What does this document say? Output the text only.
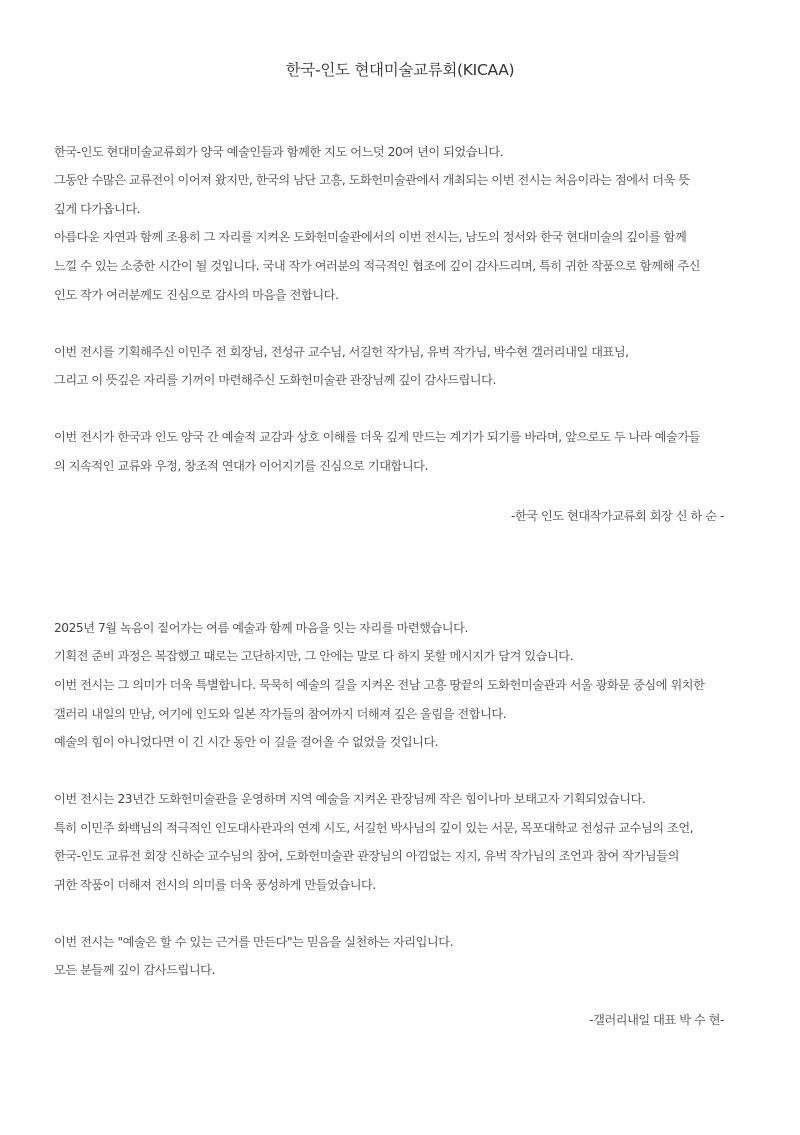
한국-인도 현대미술교류회(KICAA)
한국-인도 현대미술교류회가 양국 예술인들과 함께한 지도 어느덧 20여 년이 되었습니다.
그동안 수많은 교류전이 이어져 왔지만, 한국의 남단 고흥, 도화헌미술관에서 개최되는 이번 전시는 처음이라는 점에서 더욱 뜻
깊게 다가옵니다.
아름다운 자연과 함께 조용히 그 자리를 지켜온 도화헌미술관에서의 이번 전시는, 남도의 정서와 한국 현대미술의 깊이를 함께
느낄 수 있는 소중한 시간이 될 것입니다. 국내 작가 여러분의 적극적인 협조에 깊이 감사드리며, 특히 귀한 작품으로 함께해 주신
인도 작가 여러분께도 진심으로 감사의 마음을 전합니다.
이번 전시를 기획해주신 이민주 전 회장님, 전성규 교수님, 서길헌 작가님, 유벅 작가님, 박수현 갤러리내일 대표님,
그리고 이 뜻깊은 자리를 기꺼이 마련해주신 도화헌미술관 관장님께 깊이 감사드립니다.
이번 전시가 한국과 인도 양국 간 예술적 교감과 상호 이해를 더욱 깊게 만드는 계기가 되기를 바라며, 앞으로도 두 나라 예술가들
의 지속적인 교류와 우정, 창조적 연대가 이어지기를 진심으로 기대합니다.
-한국 인도 현대작가교류회 회장 신 하 순 -
2025년 7월 녹음이 짙어가는 여름 예술과 함께 마음을 잇는 자리를 마련했습니다.
기획전 준비 과정은 복잡했고 때로는 고단하지만, 그 안에는 말로 다 하지 못할 메시지가 담겨 있습니다.
이번 전시는 그 의미가 더욱 특별합니다. 묵묵히 예술의 길을 지켜온 전남 고흥 땅끝의 도화헌미술관과 서울 광화문 중심에 위치한
갤러리 내일의 만남, 여기에 인도와 일본 작가들의 참여까지 더해져 깊은 울림을 전합니다.
예술의 힘이 아니었다면 이 긴 시간 동안 이 길을 걸어올 수 없었을 것입니다.
이번 전시는 23년간 도화헌미술관을 운영하며 지역 예술을 지켜온 관장님께 작은 힘이나마 보태고자 기획되었습니다.
특히 이민주 화백님의 적극적인 인도대사관과의 연계 시도, 서길헌 박사님의 깊이 있는 서문, 목포대학교 전성규 교수님의 조언,
한국-인도 교류전 회장 신하순 교수님의 참여, 도화헌미술관 관장님의 아낌없는 지지, 유벅 작가님의 조언과 참여 작가님들의
귀한 작품이 더해져 전시의 의미를 더욱 풍성하게 만들었습니다.
이번 전시는 "예술은 할 수 있는 근거를 만든다"는 믿음을 실천하는 자리입니다.
모든 분들께 깊이 감사드립니다.
-갤러리내일 대표 박 수 현-
